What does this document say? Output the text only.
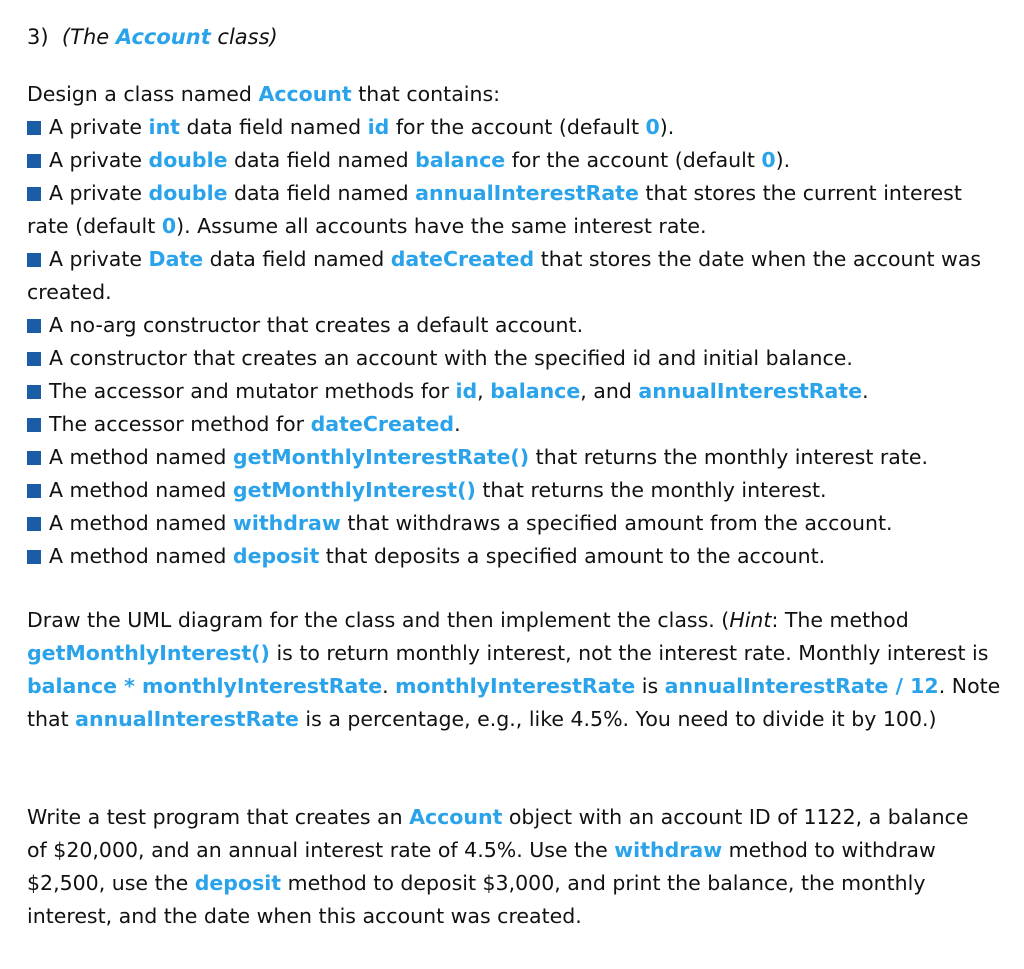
3) (The Account class)

Design a class named Account that contains:

A private int data field named id for the account (default 0).
A private double data field named balance for the account (default 0).
A private double data field named annualInterestRate that stores the current interest rate (default 0). Assume all accounts have the same interest rate.
A private Date data field named dateCreated that stores the date when the account was created.
A no-arg constructor that creates a default account.
A constructor that creates an account with the specified id and initial balance.
The accessor and mutator methods for id, balance, and annualInterestRate.
The accessor method for dateCreated.
A method named getMonthlyInterestRate() that returns the monthly interest rate.
A method named getMonthlyInterest() that returns the monthly interest.
A method named withdraw that withdraws a specified amount from the account.
A method named deposit that deposits a specified amount to the account.

Draw the UML diagram for the class and then implement the class. (Hint: The method getMonthlyInterest() is to return monthly interest, not the interest rate. Monthly interest is balance * monthlyInterestRate. monthlyInterestRate is annualInterestRate / 12. Note that annualInterestRate is a percentage, e.g., like 4.5%. You need to divide it by 100.)

Write a test program that creates an Account object with an account ID of 1122, a balance of $20,000, and an annual interest rate of 4.5%. Use the withdraw method to withdraw $2,500, use the deposit method to deposit $3,000, and print the balance, the monthly interest, and the date when this account was created.
